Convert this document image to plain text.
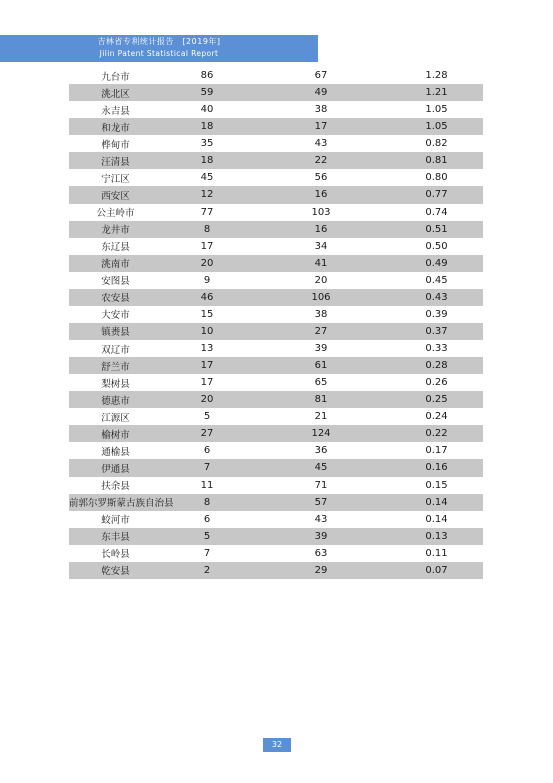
吉林省专利统计报告　[2019年]
Jilin Patent Statistical Report
九台市	86	67	1.28
洮北区	59	49	1.21
永吉县	40	38	1.05
和龙市	18	17	1.05
桦甸市	35	43	0.82
汪清县	18	22	0.81
宁江区	45	56	0.80
西安区	12	16	0.77
公主岭市	77	103	0.74
龙井市	8	16	0.51
东辽县	17	34	0.50
洮南市	20	41	0.49
安图县	9	20	0.45
农安县	46	106	0.43
大安市	15	38	0.39
镇赉县	10	27	0.37
双辽市	13	39	0.33
舒兰市	17	61	0.28
梨树县	17	65	0.26
德惠市	20	81	0.25
江源区	5	21	0.24
榆树市	27	124	0.22
通榆县	6	36	0.17
伊通县	7	45	0.16
扶余县	11	71	0.15
前郭尔罗斯蒙古族自治县	8	57	0.14
蛟河市	6	43	0.14
东丰县	5	39	0.13
长岭县	7	63	0.11
乾安县	2	29	0.07
32
